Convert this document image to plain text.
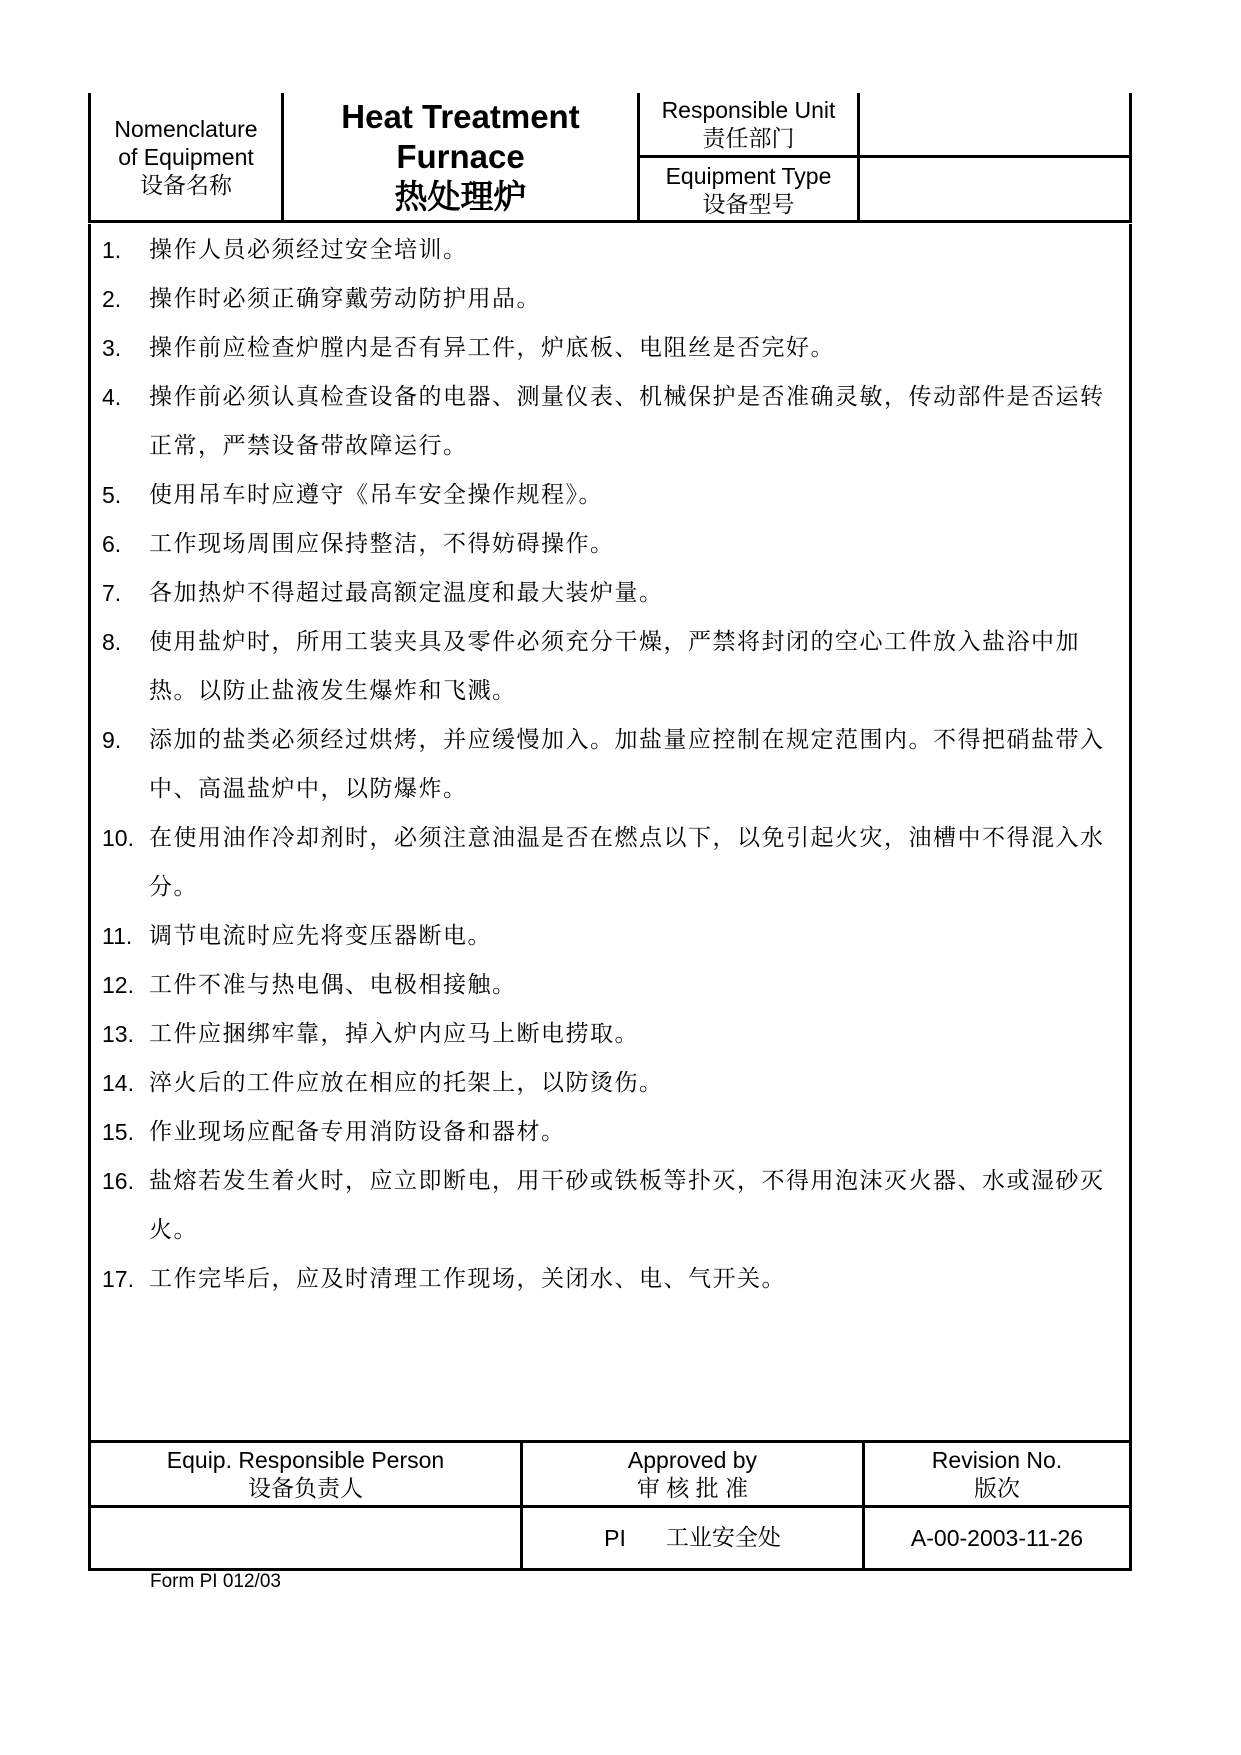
Nomenclature
of Equipment
设备名称
Heat Treatment
Furnace
热处理炉
Responsible Unit
责任部门
Equipment Type
设备型号
1. 操作人员必须经过安全培训。
2. 操作时必须正确穿戴劳动防护用品。
3. 操作前应检查炉膛内是否有异工件，炉底板、电阻丝是否完好。
4. 操作前必须认真检查设备的电器、测量仪表、机械保护是否准确灵敏，传动部件是否运转正常，严禁设备带故障运行。
5. 使用吊车时应遵守《吊车安全操作规程》。
6. 工作现场周围应保持整洁，不得妨碍操作。
7. 各加热炉不得超过最高额定温度和最大装炉量。
8. 使用盐炉时，所用工装夹具及零件必须充分干燥，严禁将封闭的空心工件放入盐浴中加热。以防止盐液发生爆炸和飞溅。
9. 添加的盐类必须经过烘烤，并应缓慢加入。加盐量应控制在规定范围内。不得把硝盐带入中、高温盐炉中，以防爆炸。
10. 在使用油作冷却剂时，必须注意油温是否在燃点以下，以免引起火灾，油槽中不得混入水分。
11. 调节电流时应先将变压器断电。
12. 工件不准与热电偶、电极相接触。
13. 工件应捆绑牢靠，掉入炉内应马上断电捞取。
14. 淬火后的工件应放在相应的托架上，以防烫伤。
15. 作业现场应配备专用消防设备和器材。
16. 盐熔若发生着火时，应立即断电，用干砂或铁板等扑灭，不得用泡沫灭火器、水或湿砂灭火。
17. 工作完毕后，应及时清理工作现场，关闭水、电、气开关。
Equip. Responsible Person
设备负责人
Approved by
审 核 批 准
Revision No.
版次
PI 工业安全处	A-00-2003-11-26
Form PI 012/03
